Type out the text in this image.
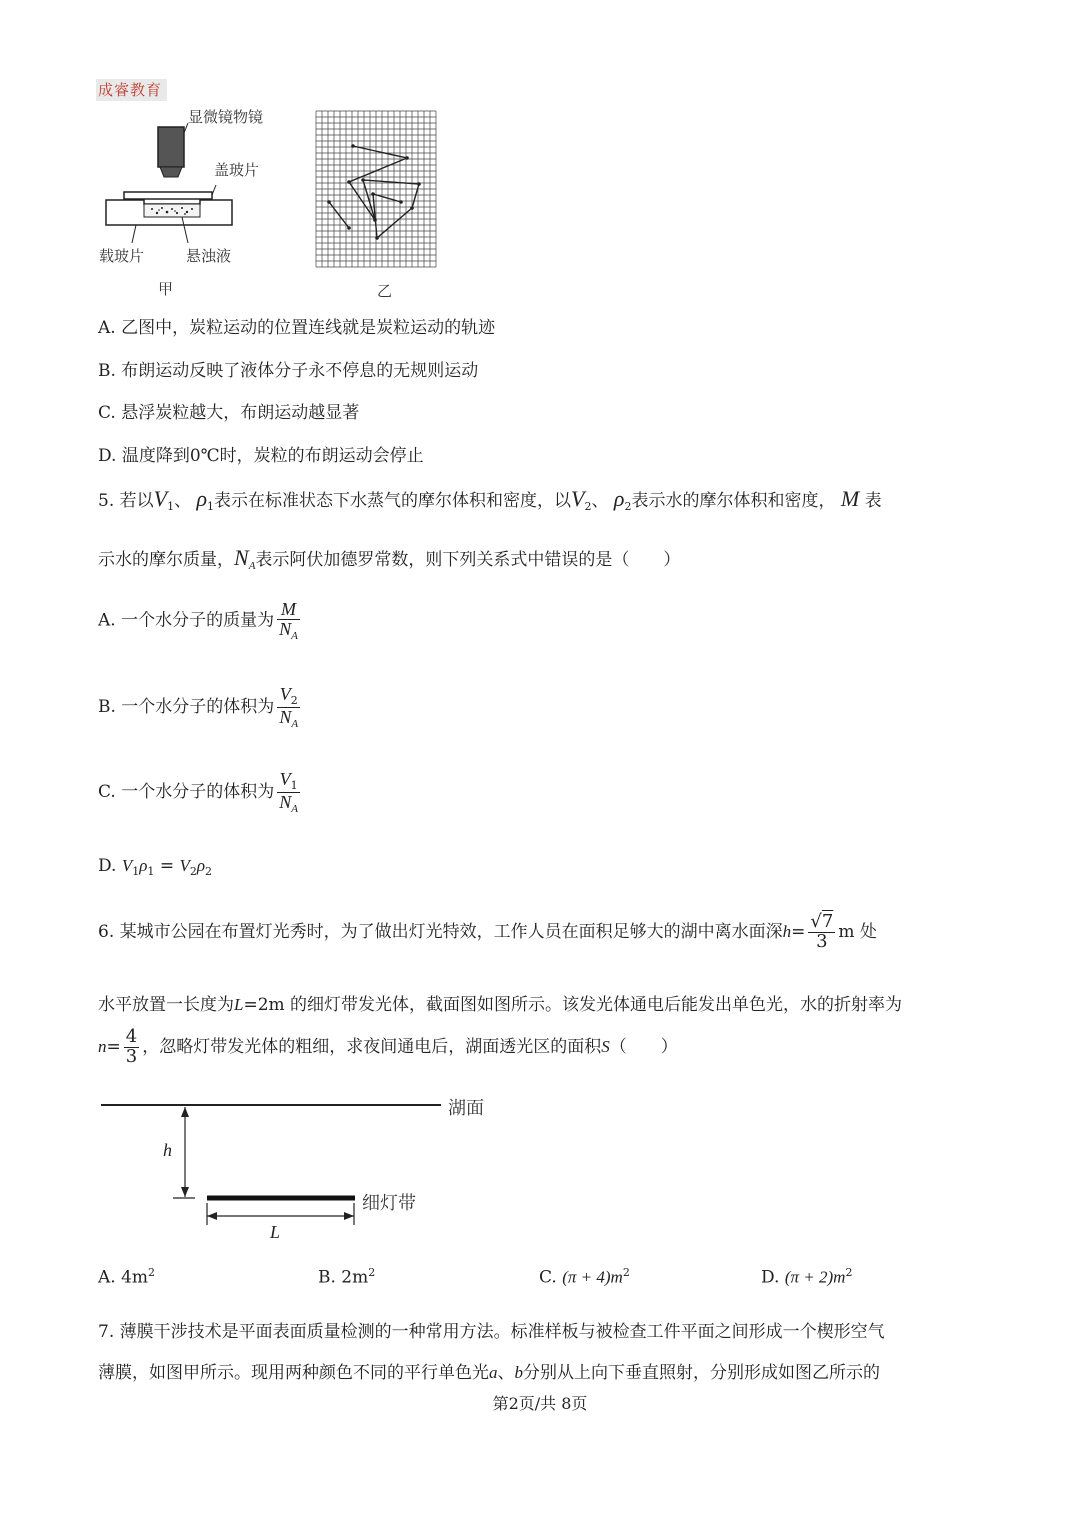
成睿教育
显微镜物镜
盖玻片
载玻片	悬浊液
甲	乙
A. 乙图中，炭粒运动的位置连线就是炭粒运动的轨迹
B. 布朗运动反映了液体分子永不停息的无规则运动
C. 悬浮炭粒越大，布朗运动越显著
D. 温度降到0℃时，炭粒的布朗运动会停止
5. 若以$V_1$、 $\rho_1$表示在标准状态下水蒸气的摩尔体积和密度，以$V_2$、 $\rho_2$表示水的摩尔体积和密度， M 表
示水的摩尔质量，$N_A$表示阿伏加德罗常数，则下列关系式中错误的是（　　）
A. 一个水分子的质量为 $\frac{M}{N_A}$
B. 一个水分子的体积为 $\frac{V_2}{N_A}$
C. 一个水分子的体积为 $\frac{V_1}{N_A}$
D. $V_1\rho_1 = V_2\rho_2$
6. 某城市公园在布置灯光秀时，为了做出灯光特效，工作人员在面积足够大的湖中离水面深$h= \frac{√7}{3}$ m 处
水平放置一长度为L=2m 的细灯带发光体，截面图如图所示。该发光体通电后能发出单色光，水的折射率为
$n= \frac{4}{3}$ ，忽略灯带发光体的粗细，求夜间通电后，湖面透光区的面积S（　　）
湖面
h
细灯带
L
A. $4m^2$	B. $2m^2$	C. $(\pi + 4)m^2$	D. $(\pi + 2)m^2$
7. 薄膜干涉技术是平面表面质量检测的一种常用方法。标准样板与被检查工件平面之间形成一个楔形空气
薄膜，如图甲所示。现用两种颜色不同的平行单色光a、b分别从上向下垂直照射，分别形成如图乙所示的
第2页/共 8页
